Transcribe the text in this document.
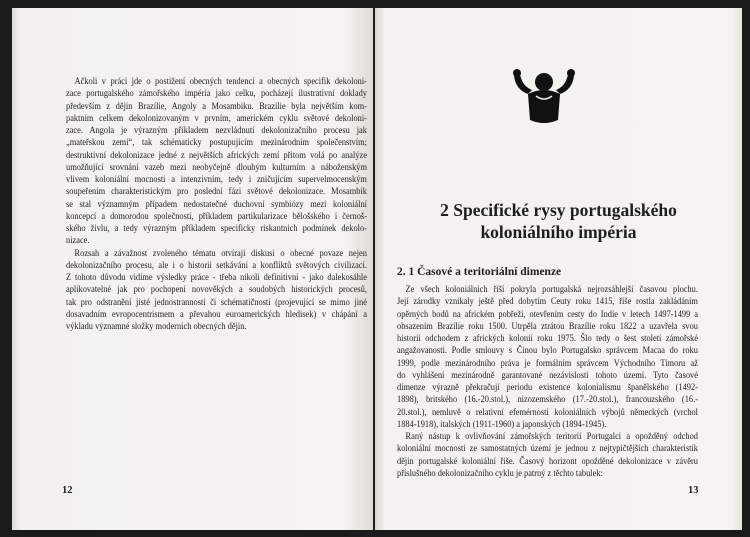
Ačkoli v práci jde o postižení obecných tendencí a obecných specifik dekoloni-
zace portugalského zámořského impéria jako celku, pocházejí ilustrativní doklady
především z dějin Brazílie, Angoly a Mosambiku. Brazílie byla největším kom-
paktním celkem dekolonizovaným v prvním, americkém cyklu světové dekoloni-
zace. Angola je výrazným příkladem nezvládnutí dekolonizačního procesu jak
„mateřskou zemí“, tak schématicky postupujícím mezinárodním společenstvím;
destruktivní dekolonizace jedné z největších afrických zemí přitom volá po analýze
umožňující srovnání vazeb mezi neobyčejně dlouhým kulturním a náboženským
vlivem koloniální mocnosti a intenzivním, tedy i zničujícím supervelmocenským
soupeřením charakteristickým pro poslední fázi světové dekolonizace. Mosambik
se stal významným případem nedostatečné duchovní symbiózy mezi koloniální
koncepcí a domorodou společností, příkladem partikularizace bělošského i černoš-
ského živlu, a tedy výrazným příkladem specificky riskantních podmínek dekolo-
nizace.
Rozsah a závažnost zvoleného tématu otvírají diskusi o obecné povaze nejen
dekolonizačního procesu, ale i o historii setkávání a konfliktů světových civilizací.
Z tohoto důvodu vidíme výsledky práce - třeba nikoli definitivní - jako dalekosáhle
aplikovatelné jak pro pochopení novověkých a soudobých historických procesů,
tak pro odstranění jisté jednostrannosti či schématičnosti (projevující se mimo jiné
dosavadním evropocentrismem a převahou euroamerických hledisek) v chápání a
výkladu významné složky moderních obecných dějin.
12
2 Specifické rysy portugalského
koloniálního impéria
2. 1 Časové a teritoriální dimenze
Ze všech koloniálních říší pokryla portugalská nejrozsáhlejší časovou plochu.
Její zárodky vznikaly ještě před dobytím Ceuty roku 1415, říše rostla zakládáním
opěrných bodů na africkém pobřeží, otevřením cesty do Indie v letech 1497-1499 a
obsazením Brazílie roku 1500. Utrpěla ztrátou Brazílie roku 1822 a uzavřela svou
historii odchodem z afrických kolonií roku 1975. Šlo tedy o šest století zámořské
angažovanosti. Podle smlouvy s Čínou bylo Portugalsko správcem Macaa do roku
1999, podle mezinárodního práva je formálním správcem Východního Timoru až
do vyhlášení mezinárodně garantované nezávislosti tohoto území. Tyto časové
dimenze výrazně překračují periodu existence kolonialismu španělského (1492-
1898), britského (16.-20.stol.), nizozemského (17.-20.stol.), francouzského (16.-
20.stol.), nemluvě o relativní efemérnosti koloniálních výbojů německých (vrchol
1884-1918), italských (1911-1960) a japonských (1894-1945).
Raný nástup k ovlivňování zámořských teritorií Portugalci a opožděný odchod
koloniální mocnosti ze samostatných území je jednou z nejtypičtějších charakteristik
dějin portugalské koloniální říše. Časový horizont opožděné dekolonizace v závěru
příslušného dekolonizačního cyklu je patrný z těchto tabulek:
13
